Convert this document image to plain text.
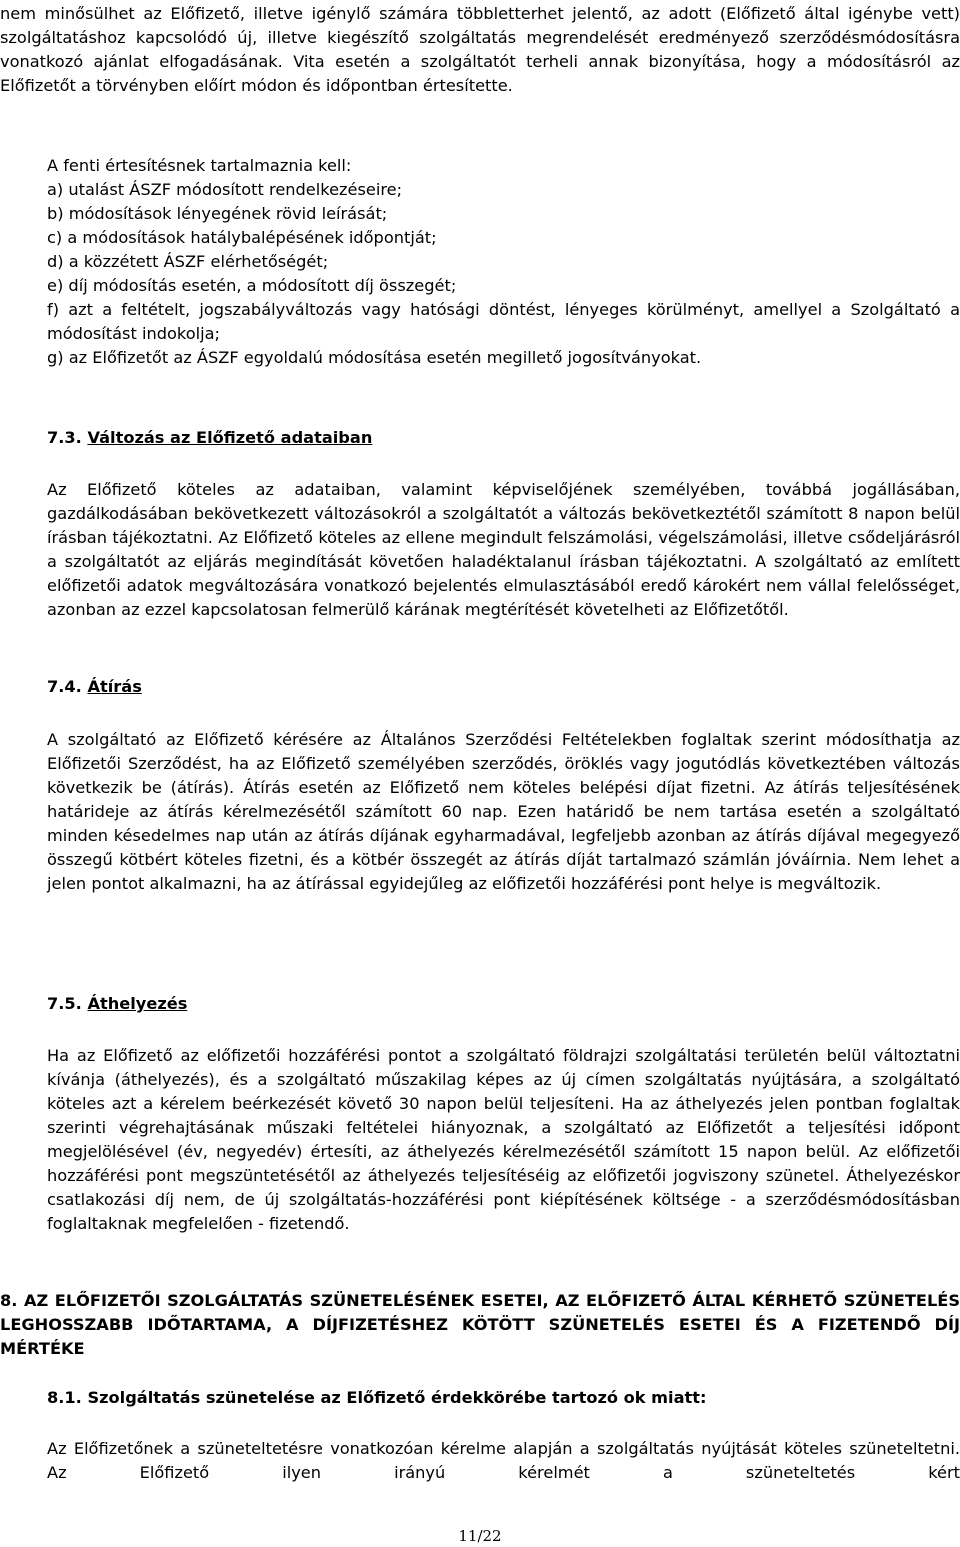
nem minősülhet az Előfizető, illetve igénylő számára többletterhet jelentő, az adott (Előfizető által igénybe vett) szolgáltatáshoz kapcsolódó új, illetve kiegészítő szolgáltatás megrendelését eredményező szerződésmódosításra vonatkozó ajánlat elfogadásának. Vita esetén a szolgáltatót terheli annak bizonyítása, hogy a módosításról az Előfizetőt a törvényben előírt módon és időpontban értesítette.

A fenti értesítésnek tartalmaznia kell:

a) utalást ÁSZF módosított rendelkezéseire;

b) módosítások lényegének rövid leírását;

c) a módosítások hatálybalépésének időpontját;

d) a közzétett ÁSZF elérhetőségét;

e) díj módosítás esetén, a módosított díj összegét;

f) azt a feltételt, jogszabályváltozás vagy hatósági döntést, lényeges körülményt, amellyel a Szolgáltató a módosítást indokolja;

g) az Előfizetőt az ÁSZF egyoldalú módosítása esetén megillető jogosítványokat.

7.3. Változás az Előfizető adataiban

Az Előfizető köteles az adataiban, valamint képviselőjének személyében, továbbá jogállásában, gazdálkodásában bekövetkezett változásokról a szolgáltatót a változás bekövetkeztétől számított 8 napon belül írásban tájékoztatni. Az Előfizető köteles az ellene megindult felszámolási, végelszámolási, illetve csődeljárásról a szolgáltatót az eljárás megindítását követően haladéktalanul írásban tájékoztatni. A szolgáltató az említett előfizetői adatok megváltozására vonatkozó bejelentés elmulasztásából eredő károkért nem vállal felelősséget, azonban az ezzel kapcsolatosan felmerülő kárának megtérítését követelheti az Előfizetőtől.

7.4. Átírás

A szolgáltató az Előfizető kérésére az Általános Szerződési Feltételekben foglaltak szerint módosíthatja az Előfizetői Szerződést, ha az Előfizető személyében szerződés, öröklés vagy jogutódlás következtében változás következik be (átírás). Átírás esetén az Előfizető nem köteles belépési díjat fizetni. Az átírás teljesítésének határideje az átírás kérelmezésétől számított 60 nap. Ezen határidő be nem tartása esetén a szolgáltató minden késedelmes nap után az átírás díjának egyharmadával, legfeljebb azonban az átírás díjával megegyező összegű kötbért köteles fizetni, és a kötbér összegét az átírás díját tartalmazó számlán jóváírnia. Nem lehet a jelen pontot alkalmazni, ha az átírással egyidejűleg az előfizetői hozzáférési pont helye is megváltozik.

7.5. Áthelyezés

Ha az Előfizető az előfizetői hozzáférési pontot a szolgáltató földrajzi szolgáltatási területén belül változtatni kívánja (áthelyezés), és a szolgáltató műszakilag képes az új címen szolgáltatás nyújtására, a szolgáltató köteles azt a kérelem beérkezését követő 30 napon belül teljesíteni. Ha az áthelyezés jelen pontban foglaltak szerinti végrehajtásának műszaki feltételei hiányoznak, a szolgáltató az Előfizetőt a teljesítési időpont megjelölésével (év, negyedév) értesíti, az áthelyezés kérelmezésétől számított 15 napon belül. Az előfizetői hozzáférési pont megszüntetésétől az áthelyezés teljesítéséig az előfizetői jogviszony szünetel. Áthelyezéskor csatlakozási díj nem, de új szolgáltatás-hozzáférési pont kiépítésének költsége - a szerződésmódosításban foglaltaknak megfelelően - fizetendő.

8. AZ ELŐFIZETŐI SZOLGÁLTATÁS SZÜNETELÉSÉNEK ESETEI, AZ ELŐFIZETŐ ÁLTAL KÉRHETŐ SZÜNETELÉS LEGHOSSZABB IDŐTARTAMA, A DÍJFIZETÉSHEZ KÖTÖTT SZÜNETELÉS ESETEI ÉS A FIZETENDŐ DÍJ MÉRTÉKE

8.1. Szolgáltatás szünetelése az Előfizető érdekkörébe tartozó ok miatt:

Az Előfizetőnek a szüneteltetésre vonatkozóan kérelme alapján a szolgáltatás nyújtását köteles szüneteltetni. Az Előfizető ilyen irányú kérelmét a szüneteltetés kért

11/22
